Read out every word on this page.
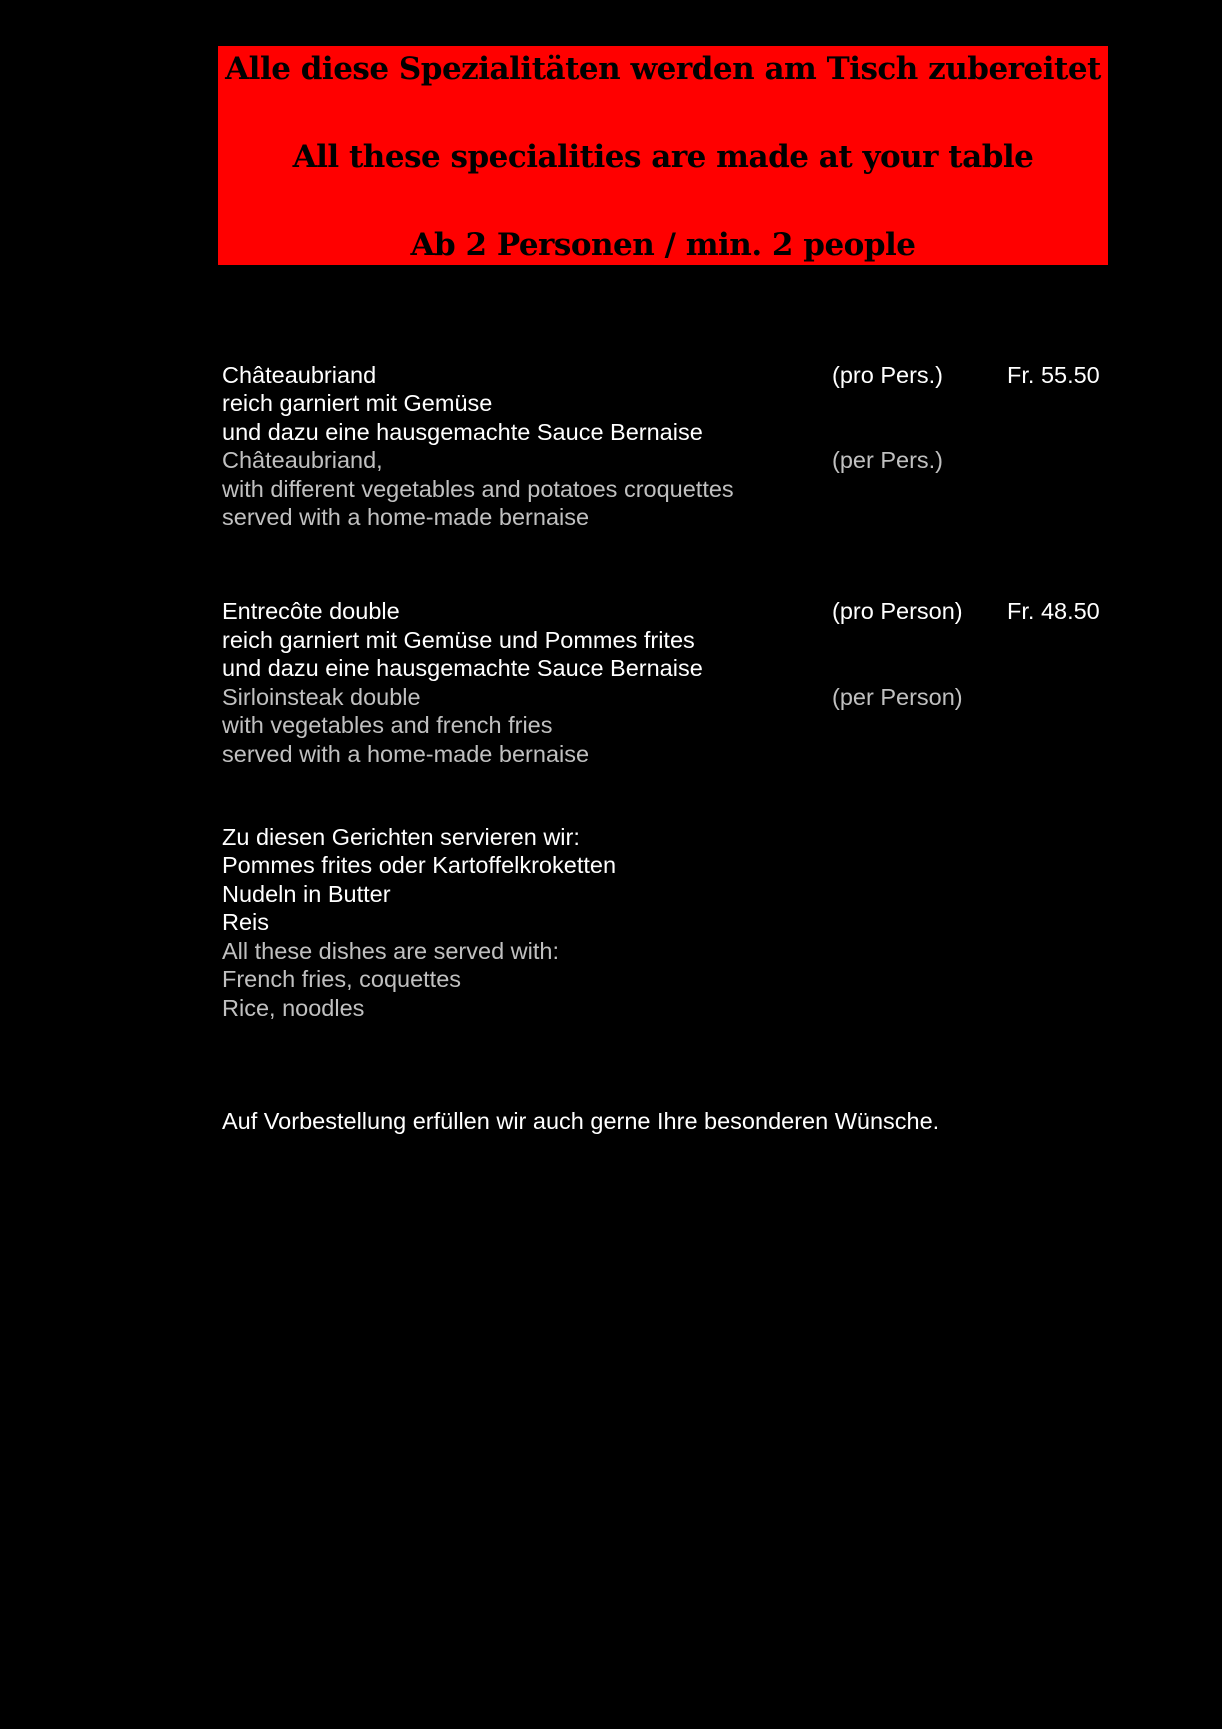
Alle diese Spezialitäten werden am Tisch zubereitet
All these specialities are made at your table
Ab 2 Personen / min. 2 people
Châteaubriand	(pro Pers.)	Fr. 55.50
reich garniert mit Gemüse
und dazu eine hausgemachte Sauce Bernaise
Châteaubriand,	(per Pers.)
with different vegetables and potatoes croquettes
served with a home-made bernaise
Entrecôte double	(pro Person) Fr. 48.50
reich garniert mit Gemüse und Pommes frites
und dazu eine hausgemachte Sauce Bernaise
Sirloinsteak double	(per Person)
with vegetables and french fries
served with a home-made bernaise
Zu diesen Gerichten servieren wir:
Pommes frites oder Kartoffelkroketten
Nudeln in Butter
Reis
All these dishes are served with:
French fries, coquettes
Rice, noodles
Auf Vorbestellung erfüllen wir auch gerne Ihre besonderen Wünsche.
